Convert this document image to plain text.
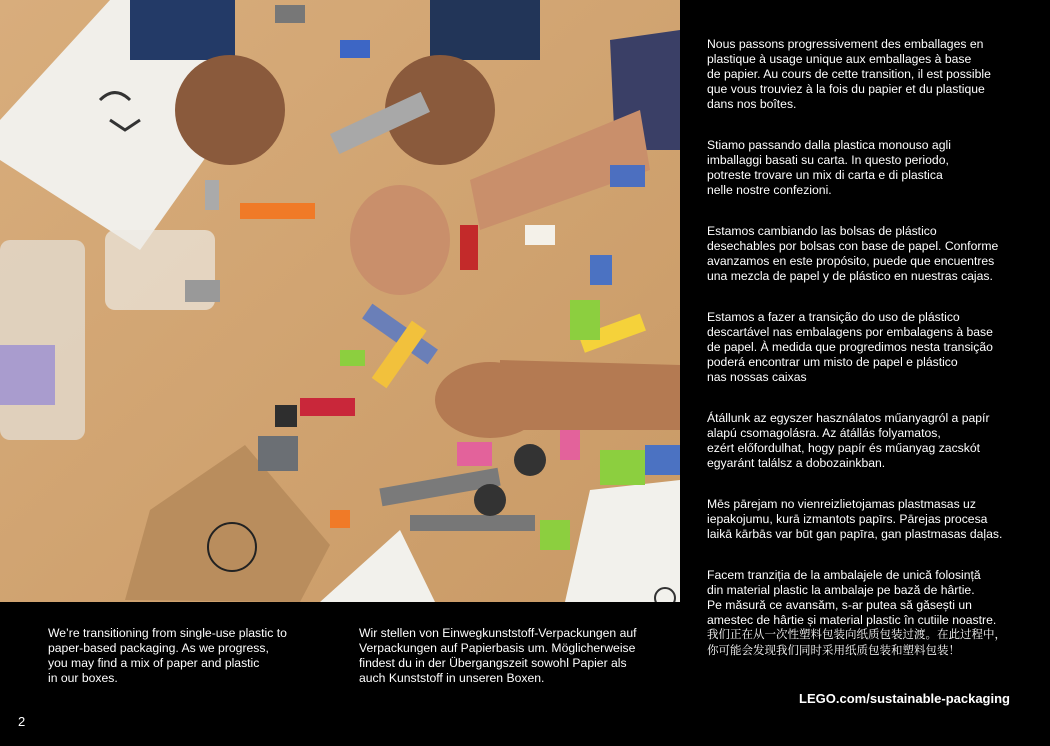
Nous passons progressivement des emballages en
plastique à usage unique aux emballages à base
de papier. Au cours de cette transition, il est possible
que vous trouviez à la fois du papier et du plastique
dans nos boîtes.

Stiamo passando dalla plastica monouso agli
imballaggi basati su carta. In questo periodo,
potreste trovare un mix di carta e di plastica
nelle nostre confezioni.

Estamos cambiando las bolsas de plástico
desechables por bolsas con base de papel. Conforme
avanzamos en este propósito, puede que encuentres
una mezcla de papel y de plástico en nuestras cajas.

Estamos a fazer a transição do uso de plástico
descartável nas embalagens por embalagens à base
de papel. À medida que progredimos nesta transição
poderá encontrar um misto de papel e plástico
nas nossas caixas

Átállunk az egyszer használatos műanyagról a papír
alapú csomagolásra. Az átállás folyamatos,
ezért előfordulhat, hogy papír és műanyag zacskót
egyaránt találsz a dobozainkban.

Mēs pārejam no vienreizlietojamas plastmasas uz
iepakojumu, kurā izmantots papīrs. Pārejas procesa
laikā kārbās var būt gan papīra, gan plastmasas daļas.

Facem tranziția de la ambalajele de unică folosință
din material plastic la ambalaje pe bază de hârtie.
Pe măsură ce avansăm, s-ar putea să găsești un
amestec de hârtie și material plastic în cutiile noastre.

We’re transitioning from single-use plastic to
paper-based packaging. As we progress,
you may find a mix of paper and plastic
in our boxes.
Wir stellen von Einwegkunststoff-Verpackungen auf
Verpackungen auf Papierbasis um. Möglicherweise
findest du in der Übergangszeit sowohl Papier als
auch Kunststoff in unseren Boxen.
我们正在从一次性塑料包装向纸质包装过渡。在此过程中，
你可能会发现我们同时采用纸质包装和塑料包装！
LEGO.com/sustainable-packaging
2
